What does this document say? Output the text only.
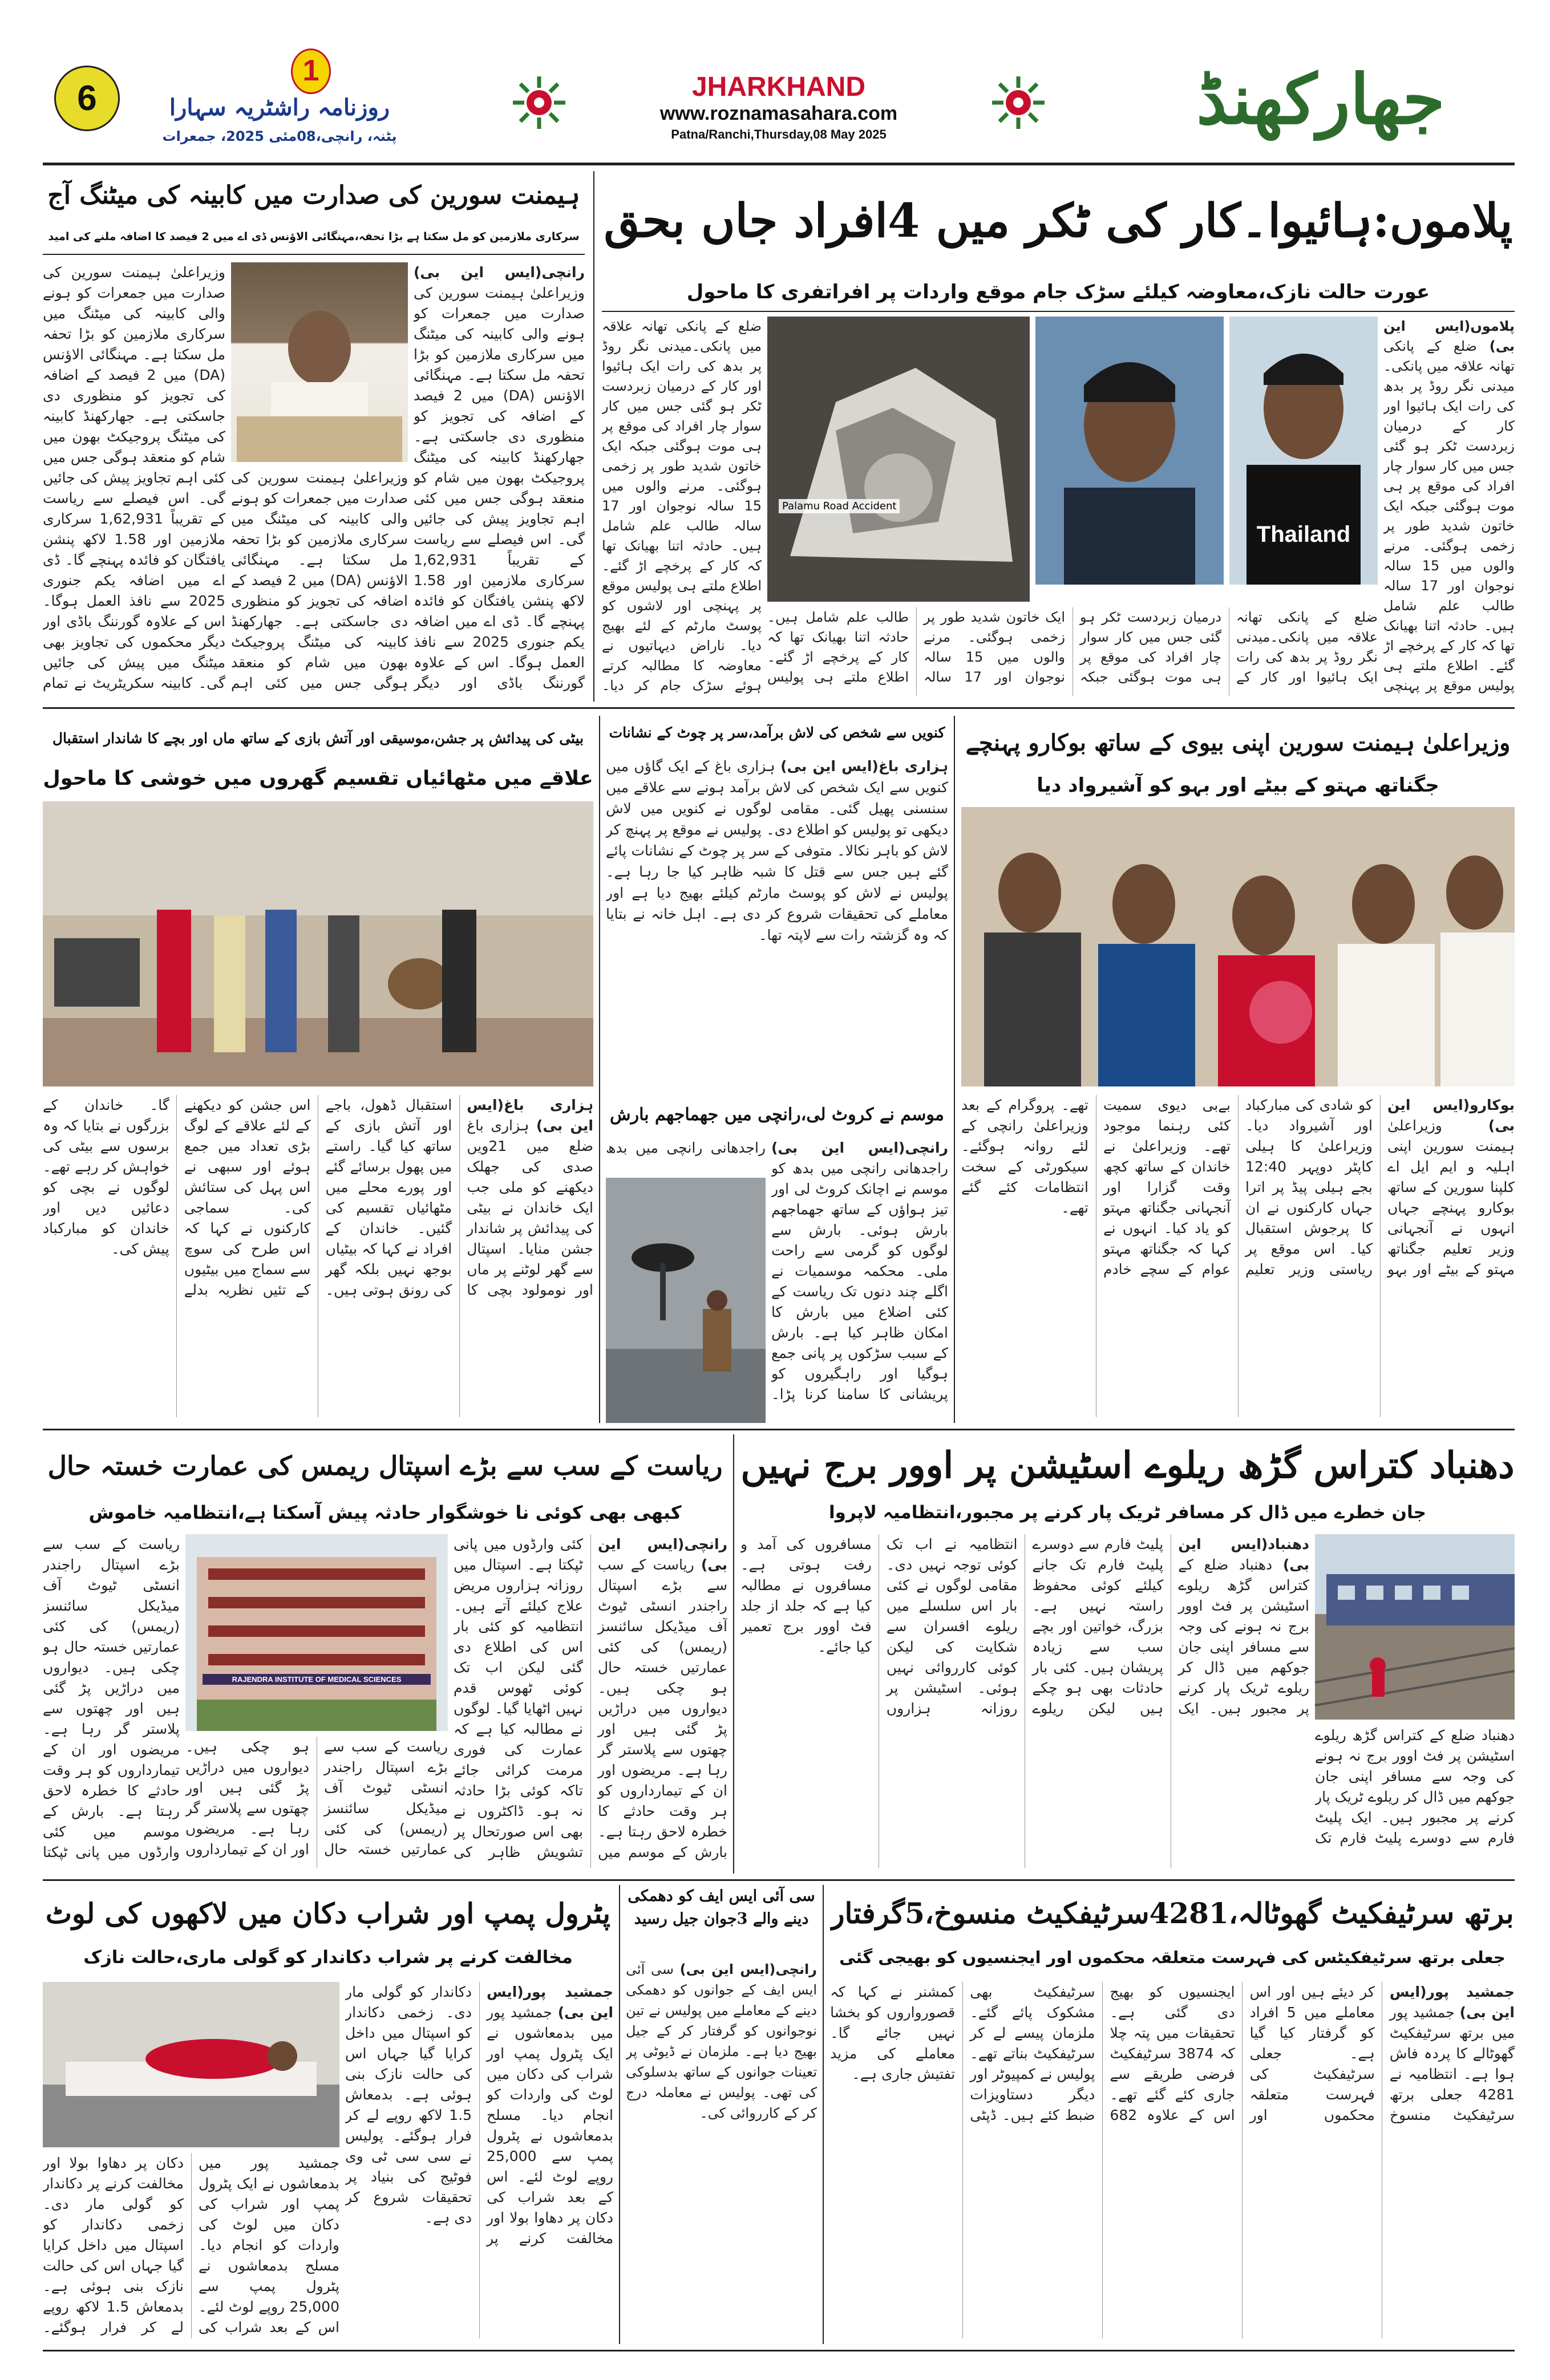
6
1
روزنامہ راشٹریہ سہارا
پٹنہ، رانچی،08مئی 2025، جمعرات
JHARKHAND
www.roznamasahara.com
Patna/Ranchi,Thursday,08 May 2025	جھارکھنڈ
ہیمنت سورین کی صدارت میں کابینہ کی میٹنگ آج
سرکاری ملازمین کو مل سکتا ہے بڑا تحفہ،مہنگائی الاؤنس ڈی اے میں 2 فیصد کا اضافہ ملنے کی امید
رانچی(ایس این بی) وزیراعلیٰ ہیمنت سورین کی صدارت میں جمعرات کو ہونے والی کابینہ کی میٹنگ میں سرکاری ملازمین کو بڑا تحفہ مل سکتا ہے۔ مہنگائی الاؤنس (DA) میں 2 فیصد کے اضافہ کی تجویز کو منظوری دی جاسکتی ہے۔ جھارکھنڈ کابینہ کی میٹنگ پروجیکٹ بھون میں شام کو منعقد ہوگی جس میں کئی اہم تجاویز پیش کی جائیں گی۔ اس فیصلے سے ریاست کے تقریباً 1,62,931 سرکاری ملازمین اور 1.58 لاکھ پنشن یافتگان کو فائدہ پہنچے گا۔ ڈی اے میں اضافہ یکم جنوری 2025 سے نافذ العمل ہوگا۔ اس کے علاوہ گورننگ باڈی اور دیگر
وزیراعلیٰ ہیمنت سورین کی صدارت میں جمعرات کو ہونے والی کابینہ کی میٹنگ میں سرکاری ملازمین کو بڑا تحفہ مل سکتا ہے۔ مہنگائی الاؤنس (DA) میں 2 فیصد کے اضافہ کی تجویز کو منظوری دی جاسکتی ہے۔ جھارکھنڈ کابینہ کی میٹنگ پروجیکٹ بھون میں شام کو منعقد ہوگی جس میں کئی اہم تجاویز پیش کی جائیں گی۔ اس فیصلے سے ریاست کے تقریباً 1,62,931 سرکاری ملازمین اور 1.58 لاکھ پنشن یافتگان کو فائدہ پہنچے گا۔ ڈی اے میں اضافہ یکم جنوری 2025 سے نافذ العمل ہوگا۔ اس کے علاوہ گورننگ باڈی اور دیگر محکموں کی تجاویز بھی میٹنگ میں پیش کی جائیں گی۔ کابینہ سکریٹریٹ نے تمام
وزیراعلیٰ ہیمنت سورین کی صدارت میں جمعرات کو ہونے والی کابینہ کی میٹنگ میں سرکاری ملازمین کو بڑا تحفہ مل سکتا ہے۔ مہنگائی الاؤنس (DA) میں 2 فیصد کے اضافہ کی تجویز کو منظوری دی جاسکتی ہے۔ جھارکھنڈ کابینہ کی میٹنگ پروجیکٹ بھون میں شام کو منعقد ہوگی جس میں کئی اہم
پلاموں:ہائیوا۔کار کی ٹکر میں 4افراد جاں بحق
عورت حالت نازک،معاوضہ کیلئے سڑک جام موقع واردات پر افراتفری کا ماحول
Palamu Road Accident
Thailand
پلاموں(ایس این بی) ضلع کے پانکی تھانہ علاقہ میں پانکی۔میدنی نگر روڈ پر بدھ کی رات ایک ہائیوا اور کار کے درمیان زبردست ٹکر ہو گئی جس میں کار سوار چار افراد کی موقع پر ہی موت ہوگئی جبکہ ایک خاتون شدید طور پر زخمی ہوگئی۔ مرنے والوں میں 15 سالہ نوجوان اور 17 سالہ طالب علم شامل ہیں۔ حادثہ اتنا بھیانک تھا کہ کار کے پرخچے اڑ گئے۔ اطلاع ملتے ہی پولیس موقع پر پہنچی
ضلع کے پانکی تھانہ علاقہ میں پانکی۔میدنی نگر روڈ پر بدھ کی رات ایک ہائیوا اور کار کے درمیان زبردست ٹکر ہو گئی جس میں کار سوار چار افراد کی موقع پر ہی موت ہوگئی جبکہ ایک خاتون شدید طور پر زخمی ہوگئی۔ مرنے والوں میں 15 سالہ نوجوان اور 17 سالہ طالب علم شامل ہیں۔ حادثہ اتنا بھیانک تھا کہ کار کے پرخچے اڑ گئے۔ اطلاع ملتے ہی پولیس موقع پر پہنچی اور لاشوں کو پوسٹ مارٹم کے لئے بھیج دیا۔ ناراض دیہاتیوں نے معاوضہ کا مطالبہ کرتے ہوئے سڑک جام کر دیا۔
ضلع کے پانکی تھانہ علاقہ میں پانکی۔میدنی نگر روڈ پر بدھ کی رات ایک ہائیوا اور کار کے درمیان زبردست ٹکر ہو گئی جس میں کار سوار چار افراد کی موقع پر ہی موت ہوگئی جبکہ ایک خاتون شدید طور پر زخمی ہوگئی۔ مرنے والوں میں 15 سالہ نوجوان اور 17 سالہ طالب علم شامل ہیں۔ حادثہ اتنا بھیانک تھا کہ کار کے پرخچے اڑ گئے۔ اطلاع ملتے ہی پولیس
بیٹی کی پیدائش پر جشن،موسیقی اور آتش بازی کے ساتھ ماں اور بچے کا شاندار استقبال
علاقے میں مٹھائیاں تقسیم گھروں میں خوشی کا ماحول
ہزاری باغ(ایس این بی) ہزاری باغ ضلع میں 21ویں صدی کی جھلک دیکھنے کو ملی جب ایک خاندان نے بیٹی کی پیدائش پر شاندار جشن منایا۔ اسپتال سے گھر لوٹنے پر ماں اور نومولود بچی کا استقبال ڈھول، باجے اور آتش بازی کے ساتھ کیا گیا۔ راستے میں پھول برسائے گئے اور پورے محلے میں مٹھائیاں تقسیم کی گئیں۔ خاندان کے افراد نے کہا کہ بیٹیاں بوجھ نہیں بلکہ گھر کی رونق ہوتی ہیں۔ اس جشن کو دیکھنے کے لئے علاقے کے لوگ بڑی تعداد میں جمع ہوئے اور سبھی نے اس پہل کی ستائش کی۔ سماجی کارکنوں نے کہا کہ اس طرح کی سوچ سے سماج میں بیٹیوں کے تئیں نظریہ بدلے گا۔ خاندان کے بزرگوں نے بتایا کہ وہ برسوں سے بیٹی کی خواہش کر رہے تھے۔ لوگوں نے بچی کو دعائیں دیں اور خاندان کو مبارکباد پیش کی۔
کنویں سے شخص کی لاش برآمد،سر پر چوٹ کے نشانات
ہزاری باغ(ایس این بی) ہزاری باغ کے ایک گاؤں میں کنویں سے ایک شخص کی لاش برآمد ہونے سے علاقے میں سنسنی پھیل گئی۔ مقامی لوگوں نے کنویں میں لاش دیکھی تو پولیس کو اطلاع دی۔ پولیس نے موقع پر پہنچ کر لاش کو باہر نکالا۔ متوفی کے سر پر چوٹ کے نشانات پائے گئے ہیں جس سے قتل کا شبہ ظاہر کیا جا رہا ہے۔ پولیس نے لاش کو پوسٹ مارٹم کیلئے بھیج دیا ہے اور معاملے کی تحقیقات شروع کر دی ہے۔ اہل خانہ نے بتایا کہ وہ گزشتہ رات سے لاپتہ تھا۔
موسم نے کروٹ لی،رانچی میں جھماجھم بارش
رانچی(ایس این بی) راجدھانی رانچی میں بدھ کو موسم نے اچانک کروٹ لی اور تیز ہواؤں کے ساتھ جھماجھم بارش ہوئی۔ بارش سے لوگوں کو گرمی سے راحت ملی۔ محکمہ موسمیات نے اگلے چند دنوں تک ریاست کے کئی اضلاع میں بارش کا امکان ظاہر کیا ہے۔ بارش کے سبب سڑکوں پر پانی جمع ہوگیا اور راہگیروں کو پریشانی کا سامنا کرنا پڑا۔
راجدھانی رانچی میں بدھ
وزیراعلیٰ ہیمنت سورین اپنی بیوی کے ساتھ بوکارو پہنچے
جگناتھ مہتو کے بیٹے اور بہو کو آشیرواد دیا
بوکارو(ایس این بی) وزیراعلیٰ ہیمنت سورین اپنی اہلیہ و ایم ایل اے کلپنا سورین کے ساتھ بوکارو پہنچے جہاں انہوں نے آنجہانی وزیر تعلیم جگناتھ مہتو کے بیٹے اور بہو کو شادی کی مبارکباد اور آشیرواد دیا۔ وزیراعلیٰ کا ہیلی کاپٹر دوپہر 12:40 بجے ہیلی پیڈ پر اترا جہاں کارکنوں نے ان کا پرجوش استقبال کیا۔ اس موقع پر ریاستی وزیر تعلیم بےبی دیوی سمیت کئی رہنما موجود تھے۔ وزیراعلیٰ نے خاندان کے ساتھ کچھ وقت گزارا اور آنجہانی جگناتھ مہتو کو یاد کیا۔ انہوں نے کہا کہ جگناتھ مہتو عوام کے سچے خادم تھے۔ پروگرام کے بعد وزیراعلیٰ رانچی کے لئے روانہ ہوگئے۔ سیکورٹی کے سخت انتظامات کئے گئے تھے۔
ریاست کے سب سے بڑے اسپتال ریمس کی عمارت خستہ حال
کبھی بھی کوئی نا خوشگوار حادثہ پیش آسکتا ہے،انتظامیہ خاموش
RAJENDRA INSTITUTE OF MEDICAL SCIENCES
رانچی(ایس این بی) ریاست کے سب سے بڑے اسپتال راجندر انسٹی ٹیوٹ آف میڈیکل سائنسز (ریمس) کی کئی عمارتیں خستہ حال ہو چکی ہیں۔ دیواروں میں دراڑیں پڑ گئی ہیں اور چھتوں سے پلاستر گر رہا ہے۔ مریضوں اور ان کے تیمارداروں کو ہر وقت حادثے کا خطرہ لاحق رہتا ہے۔ بارش کے موسم میں کئی وارڈوں میں پانی ٹپکتا ہے۔ اسپتال میں روزانہ ہزاروں مریض علاج کیلئے آتے ہیں۔ انتظامیہ کو کئی بار اس کی اطلاع دی گئی لیکن اب تک کوئی ٹھوس قدم نہیں اٹھایا گیا۔ لوگوں نے مطالبہ کیا ہے کہ عمارت کی فوری مرمت کرائی جائے تاکہ کوئی بڑا حادثہ نہ ہو۔ ڈاکٹروں نے بھی اس صورتحال پر تشویش ظاہر کی
ریاست کے سب سے بڑے اسپتال راجندر انسٹی ٹیوٹ آف میڈیکل سائنسز (ریمس) کی کئی عمارتیں خستہ حال ہو چکی ہیں۔ دیواروں میں دراڑیں پڑ گئی ہیں اور چھتوں سے پلاستر گر رہا ہے۔ مریضوں اور ان کے تیمارداروں کو ہر وقت حادثے کا خطرہ لاحق رہتا ہے۔ بارش کے موسم میں کئی وارڈوں میں پانی ٹپکتا
ریاست کے سب سے بڑے اسپتال راجندر انسٹی ٹیوٹ آف میڈیکل سائنسز (ریمس) کی کئی عمارتیں خستہ حال ہو چکی ہیں۔ دیواروں میں دراڑیں پڑ گئی ہیں اور چھتوں سے پلاستر گر رہا ہے۔ مریضوں اور ان کے تیمارداروں
دھنباد کتراس گڑھ ریلوے اسٹیشن پر اوور برج نہیں
جان خطرے میں ڈال کر مسافر ٹریک پار کرنے پر مجبور،انتظامیہ لاپروا
دھنباد(ایس این بی) دھنباد ضلع کے کتراس گڑھ ریلوے اسٹیشن پر فٹ اوور برج نہ ہونے کی وجہ سے مسافر اپنی جان جوکھم میں ڈال کر ریلوے ٹریک پار کرنے پر مجبور ہیں۔ ایک پلیٹ فارم سے دوسرے پلیٹ فارم تک جانے کیلئے کوئی محفوظ راستہ نہیں ہے۔ بزرگ، خواتین اور بچے سب سے زیادہ پریشان ہیں۔ کئی بار حادثات بھی ہو چکے ہیں لیکن ریلوے انتظامیہ نے اب تک کوئی توجہ نہیں دی۔ مقامی لوگوں نے کئی بار اس سلسلے میں ریلوے افسران سے شکایت کی لیکن کوئی کارروائی نہیں ہوئی۔ اسٹیشن پر روزانہ ہزاروں مسافروں کی آمد و رفت ہوتی ہے۔ مسافروں نے مطالبہ کیا ہے کہ جلد از جلد فٹ اوور برج تعمیر کیا جائے۔
دھنباد ضلع کے کتراس گڑھ ریلوے اسٹیشن پر فٹ اوور برج نہ ہونے کی وجہ سے مسافر اپنی جان جوکھم میں ڈال کر ریلوے ٹریک پار کرنے پر مجبور ہیں۔ ایک پلیٹ فارم سے دوسرے پلیٹ فارم تک
پٹرول پمپ اور شراب دکان میں لاکھوں کی لوٹ
مخالفت کرنے پر شراب دکاندار کو گولی ماری،حالت نازک
جمشید پور(ایس این بی) جمشید پور میں بدمعاشوں نے ایک پٹرول پمپ اور شراب کی دکان میں لوٹ کی واردات کو انجام دیا۔ مسلح بدمعاشوں نے پٹرول پمپ سے 25,000 روپے لوٹ لئے۔ اس کے بعد شراب کی دکان پر دھاوا بولا اور مخالفت کرنے پر دکاندار کو گولی مار دی۔ زخمی دکاندار کو اسپتال میں داخل کرایا گیا جہاں اس کی حالت نازک بنی ہوئی ہے۔ بدمعاش 1.5 لاکھ روپے لے کر فرار ہوگئے۔ پولیس نے سی سی ٹی وی فوٹیج کی بنیاد پر تحقیقات شروع کر دی ہے۔
جمشید پور میں بدمعاشوں نے ایک پٹرول پمپ اور شراب کی دکان میں لوٹ کی واردات کو انجام دیا۔ مسلح بدمعاشوں نے پٹرول پمپ سے 25,000 روپے لوٹ لئے۔ اس کے بعد شراب کی دکان پر دھاوا بولا اور مخالفت کرنے پر دکاندار کو گولی مار دی۔ زخمی دکاندار کو اسپتال میں داخل کرایا گیا جہاں اس کی حالت نازک بنی ہوئی ہے۔ بدمعاش 1.5 لاکھ روپے لے کر فرار ہوگئے۔
سی آئی ایس ایف کو دھمکی دینے والے 3جوان جیل رسید
رانچی(ایس این بی) سی آئی ایس ایف کے جوانوں کو دھمکی دینے کے معاملے میں پولیس نے تین نوجوانوں کو گرفتار کر کے جیل بھیج دیا ہے۔ ملزمان نے ڈیوٹی پر تعینات جوانوں کے ساتھ بدسلوکی کی تھی۔ پولیس نے معاملہ درج کر کے کارروائی کی۔
برتھ سرٹیفکیٹ گھوٹالہ،4281سرٹیفکیٹ منسوخ،5گرفتار
جعلی برتھ سرٹیفکیٹس کی فہرست متعلقہ محکموں اور ایجنسیوں کو بھیجی گئی
جمشید پور(ایس این بی) جمشید پور میں برتھ سرٹیفکیٹ گھوٹالے کا پردہ فاش ہوا ہے۔ انتظامیہ نے 4281 جعلی برتھ سرٹیفکیٹ منسوخ کر دیئے ہیں اور اس معاملے میں 5 افراد کو گرفتار کیا گیا ہے۔ جعلی سرٹیفکیٹ کی فہرست متعلقہ محکموں اور ایجنسیوں کو بھیج دی گئی ہے۔ تحقیقات میں پتہ چلا کہ 3874 سرٹیفکیٹ فرضی طریقے سے جاری کئے گئے تھے۔ اس کے علاوہ 682 سرٹیفکیٹ بھی مشکوک پائے گئے۔ ملزمان پیسے لے کر سرٹیفکیٹ بناتے تھے۔ پولیس نے کمپیوٹر اور دیگر دستاویزات ضبط کئے ہیں۔ ڈپٹی کمشنر نے کہا کہ قصورواروں کو بخشا نہیں جائے گا۔ معاملے کی مزید تفتیش جاری ہے۔
